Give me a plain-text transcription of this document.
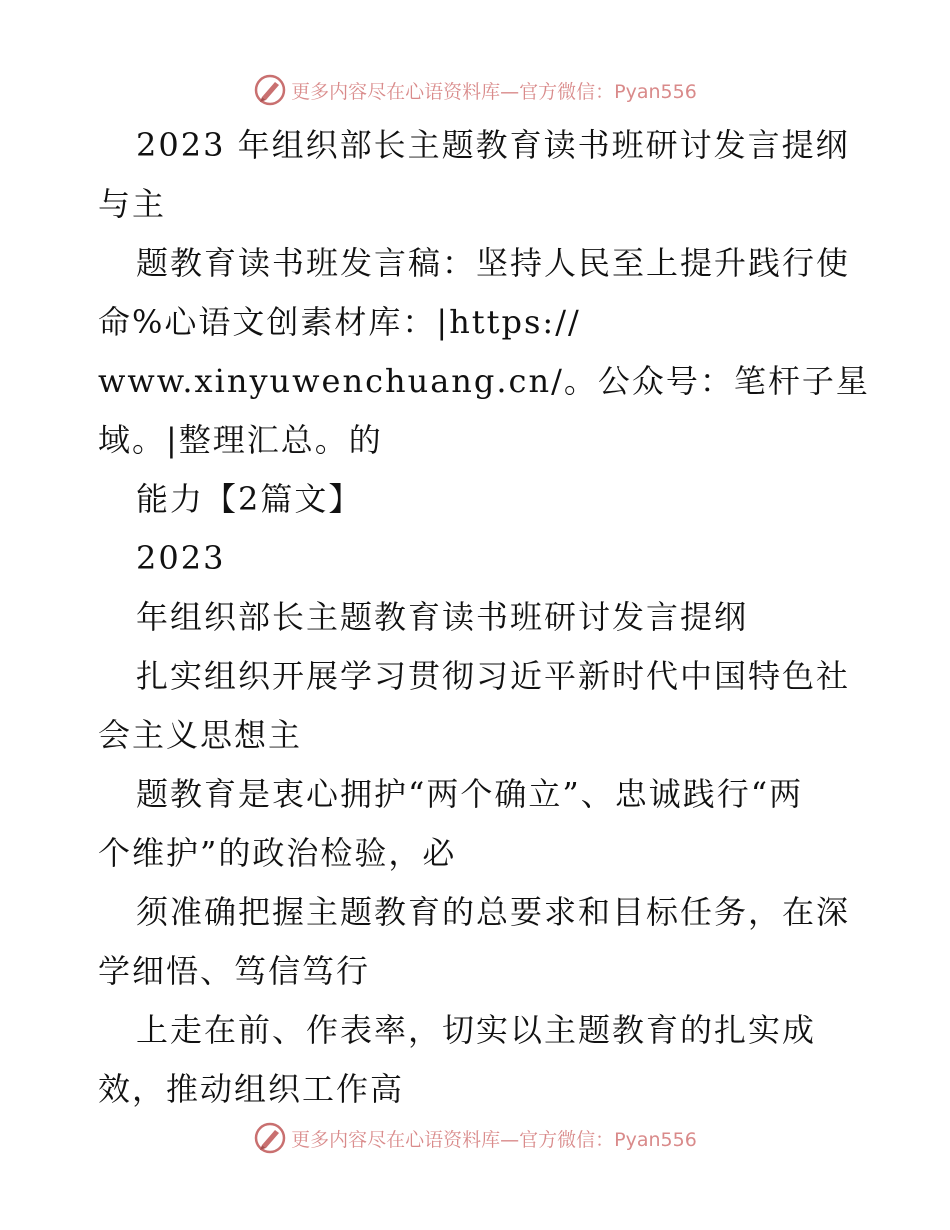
更多内容尽在心语资料库—官方微信：Pyan556
2023 年组织部长主题教育读书班研讨发言提纲
与主
题教育读书班发言稿：坚持人民至上提升践行使
命%心语文创素材库：|https://
www.xinyuwenchuang.cn/。公众号：笔杆子星
域。|整理汇总。的
能力【2篇文】
2023
年组织部长主题教育读书班研讨发言提纲
扎实组织开展学习贯彻习近平新时代中国特色社
会主义思想主
题教育是衷心拥护“两个确立”、忠诚践行“两
个维护”的政治检验，必
须准确把握主题教育的总要求和目标任务，在深
学细悟、笃信笃行
上走在前、作表率，切实以主题教育的扎实成
效，推动组织工作高
更多内容尽在心语资料库—官方微信：Pyan556
